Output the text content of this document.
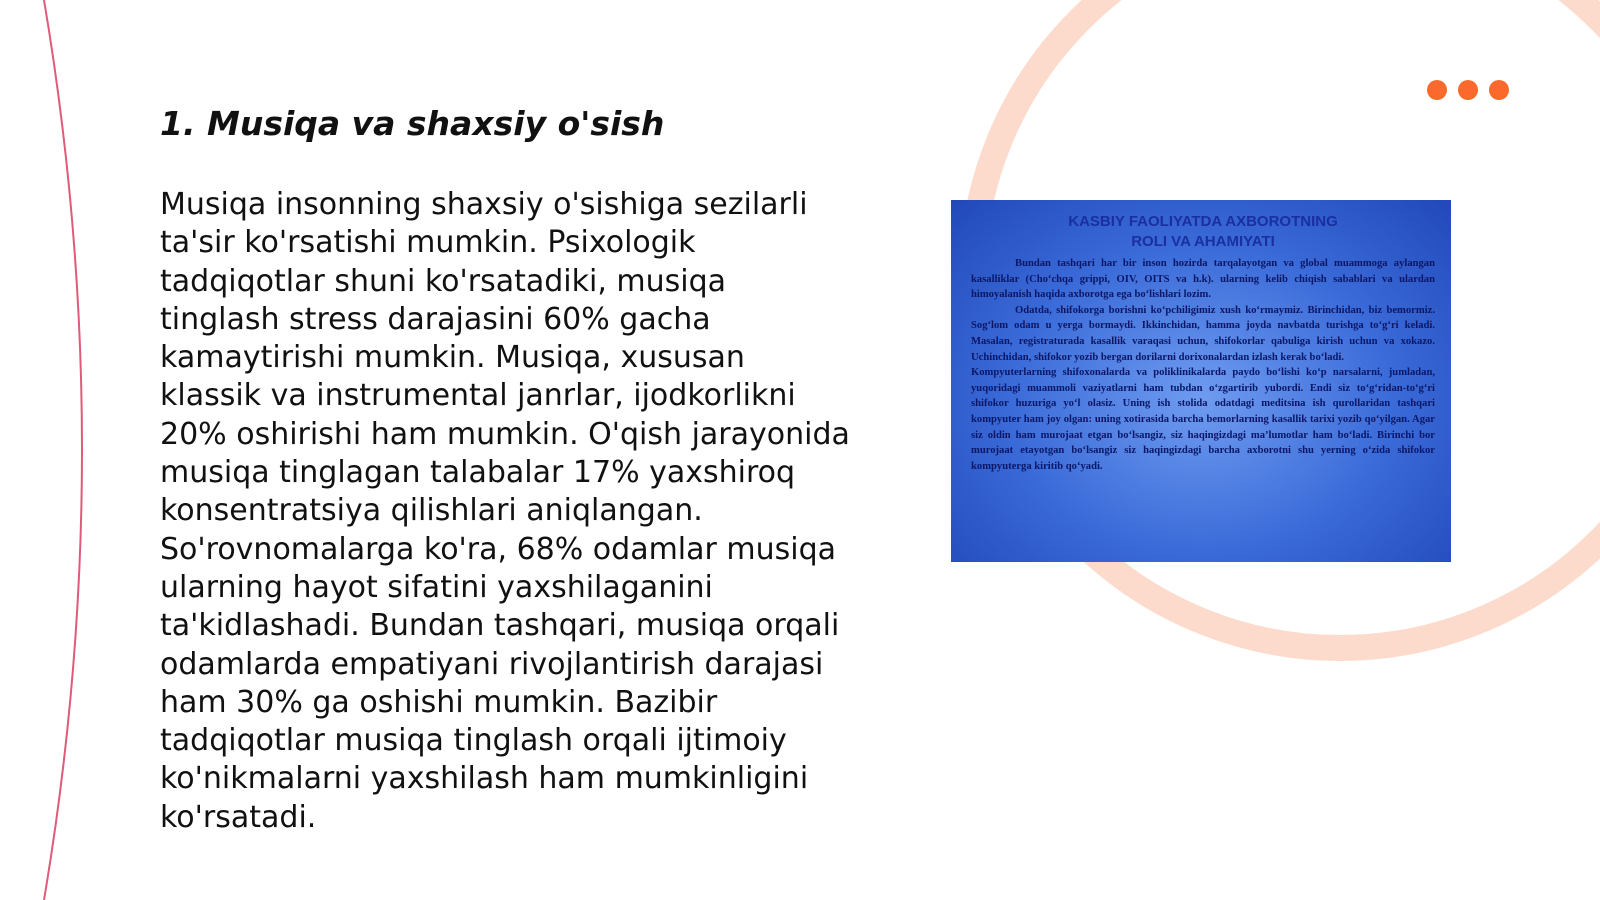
1. Musiqa va shaxsiy o'sish

Musiqa insonning shaxsiy o'sishiga sezilarli ta'sir ko'rsatishi mumkin. Psixologik tadqiqotlar shuni ko'rsatadiki, musiqa tinglash stress darajasini 60% gacha kamaytirishi mumkin. Musiqa, xususan klassik va instrumental janrlar, ijodkorlikni 20% oshirishi ham mumkin. O'qish jarayonida musiqa tinglagan talabalar 17% yaxshiroq konsentratsiya qilishlari aniqlangan. So'rovnomalarga ko'ra, 68% odamlar musiqa ularning hayot sifatini yaxshilaganini ta'kidlashadi. Bundan tashqari, musiqa orqali odamlarda empatiyani rivojlantirish darajasi ham 30% ga oshishi mumkin. Bazibir tadqiqotlar musiqa tinglash orqali ijtimoiy ko'nikmalarni yaxshilash ham mumkinligini ko'rsatadi.

KASBIY FAOLIYATDA AXBOROTNING
ROLI VA AHAMIYATI

Bundan tashqari har bir inson hozirda tarqalayotgan va global muammoga aylangan kasalliklar (Cho‘chqa grippi, OIV, OITS va h.k). ularning kelib chiqish sabablari va ulardan himoyalanish haqida axborotga ega bo‘lishlari lozim.

Odatda, shifokorga borishni ko‘pchiligimiz xush ko‘rmaymiz. Birinchidan, biz bemormiz. Sog‘lom odam u yerga bormaydi. Ikkinchidan, hamma joyda navbatda turishga to‘g‘ri keladi. Masalan, registraturada kasallik varaqasi uchun, shifokorlar qabuliga kirish uchun va xokazo. Uchinchidan, shifokor yozib bergan dorilarni dorixonalardan izlash kerak bo‘ladi.

Kompyuterlarning shifoxonalarda va poliklinikalarda paydo bo‘lishi ko‘p narsalarni, jumladan, yuqoridagi muammoli vaziyatlarni ham tubdan o‘zgartirib yubordi. Endi siz to‘g‘ridan-to‘g‘ri shifokor huzuriga yo‘l olasiz. Uning ish stolida odatdagi meditsina ish qurollaridan tashqari kompyuter ham joy olgan: uning xotirasida barcha bemorlarning kasallik tarixi yozib qo‘yilgan. Agar siz oldin ham murojaat etgan bo‘lsangiz, siz haqingizdagi ma’lumotlar ham bo‘ladi. Birinchi bor murojaat etayotgan bo‘lsangiz siz haqingizdagi barcha axborotni shu yerning o‘zida shifokor kompyuterga kiritib qo‘yadi.
